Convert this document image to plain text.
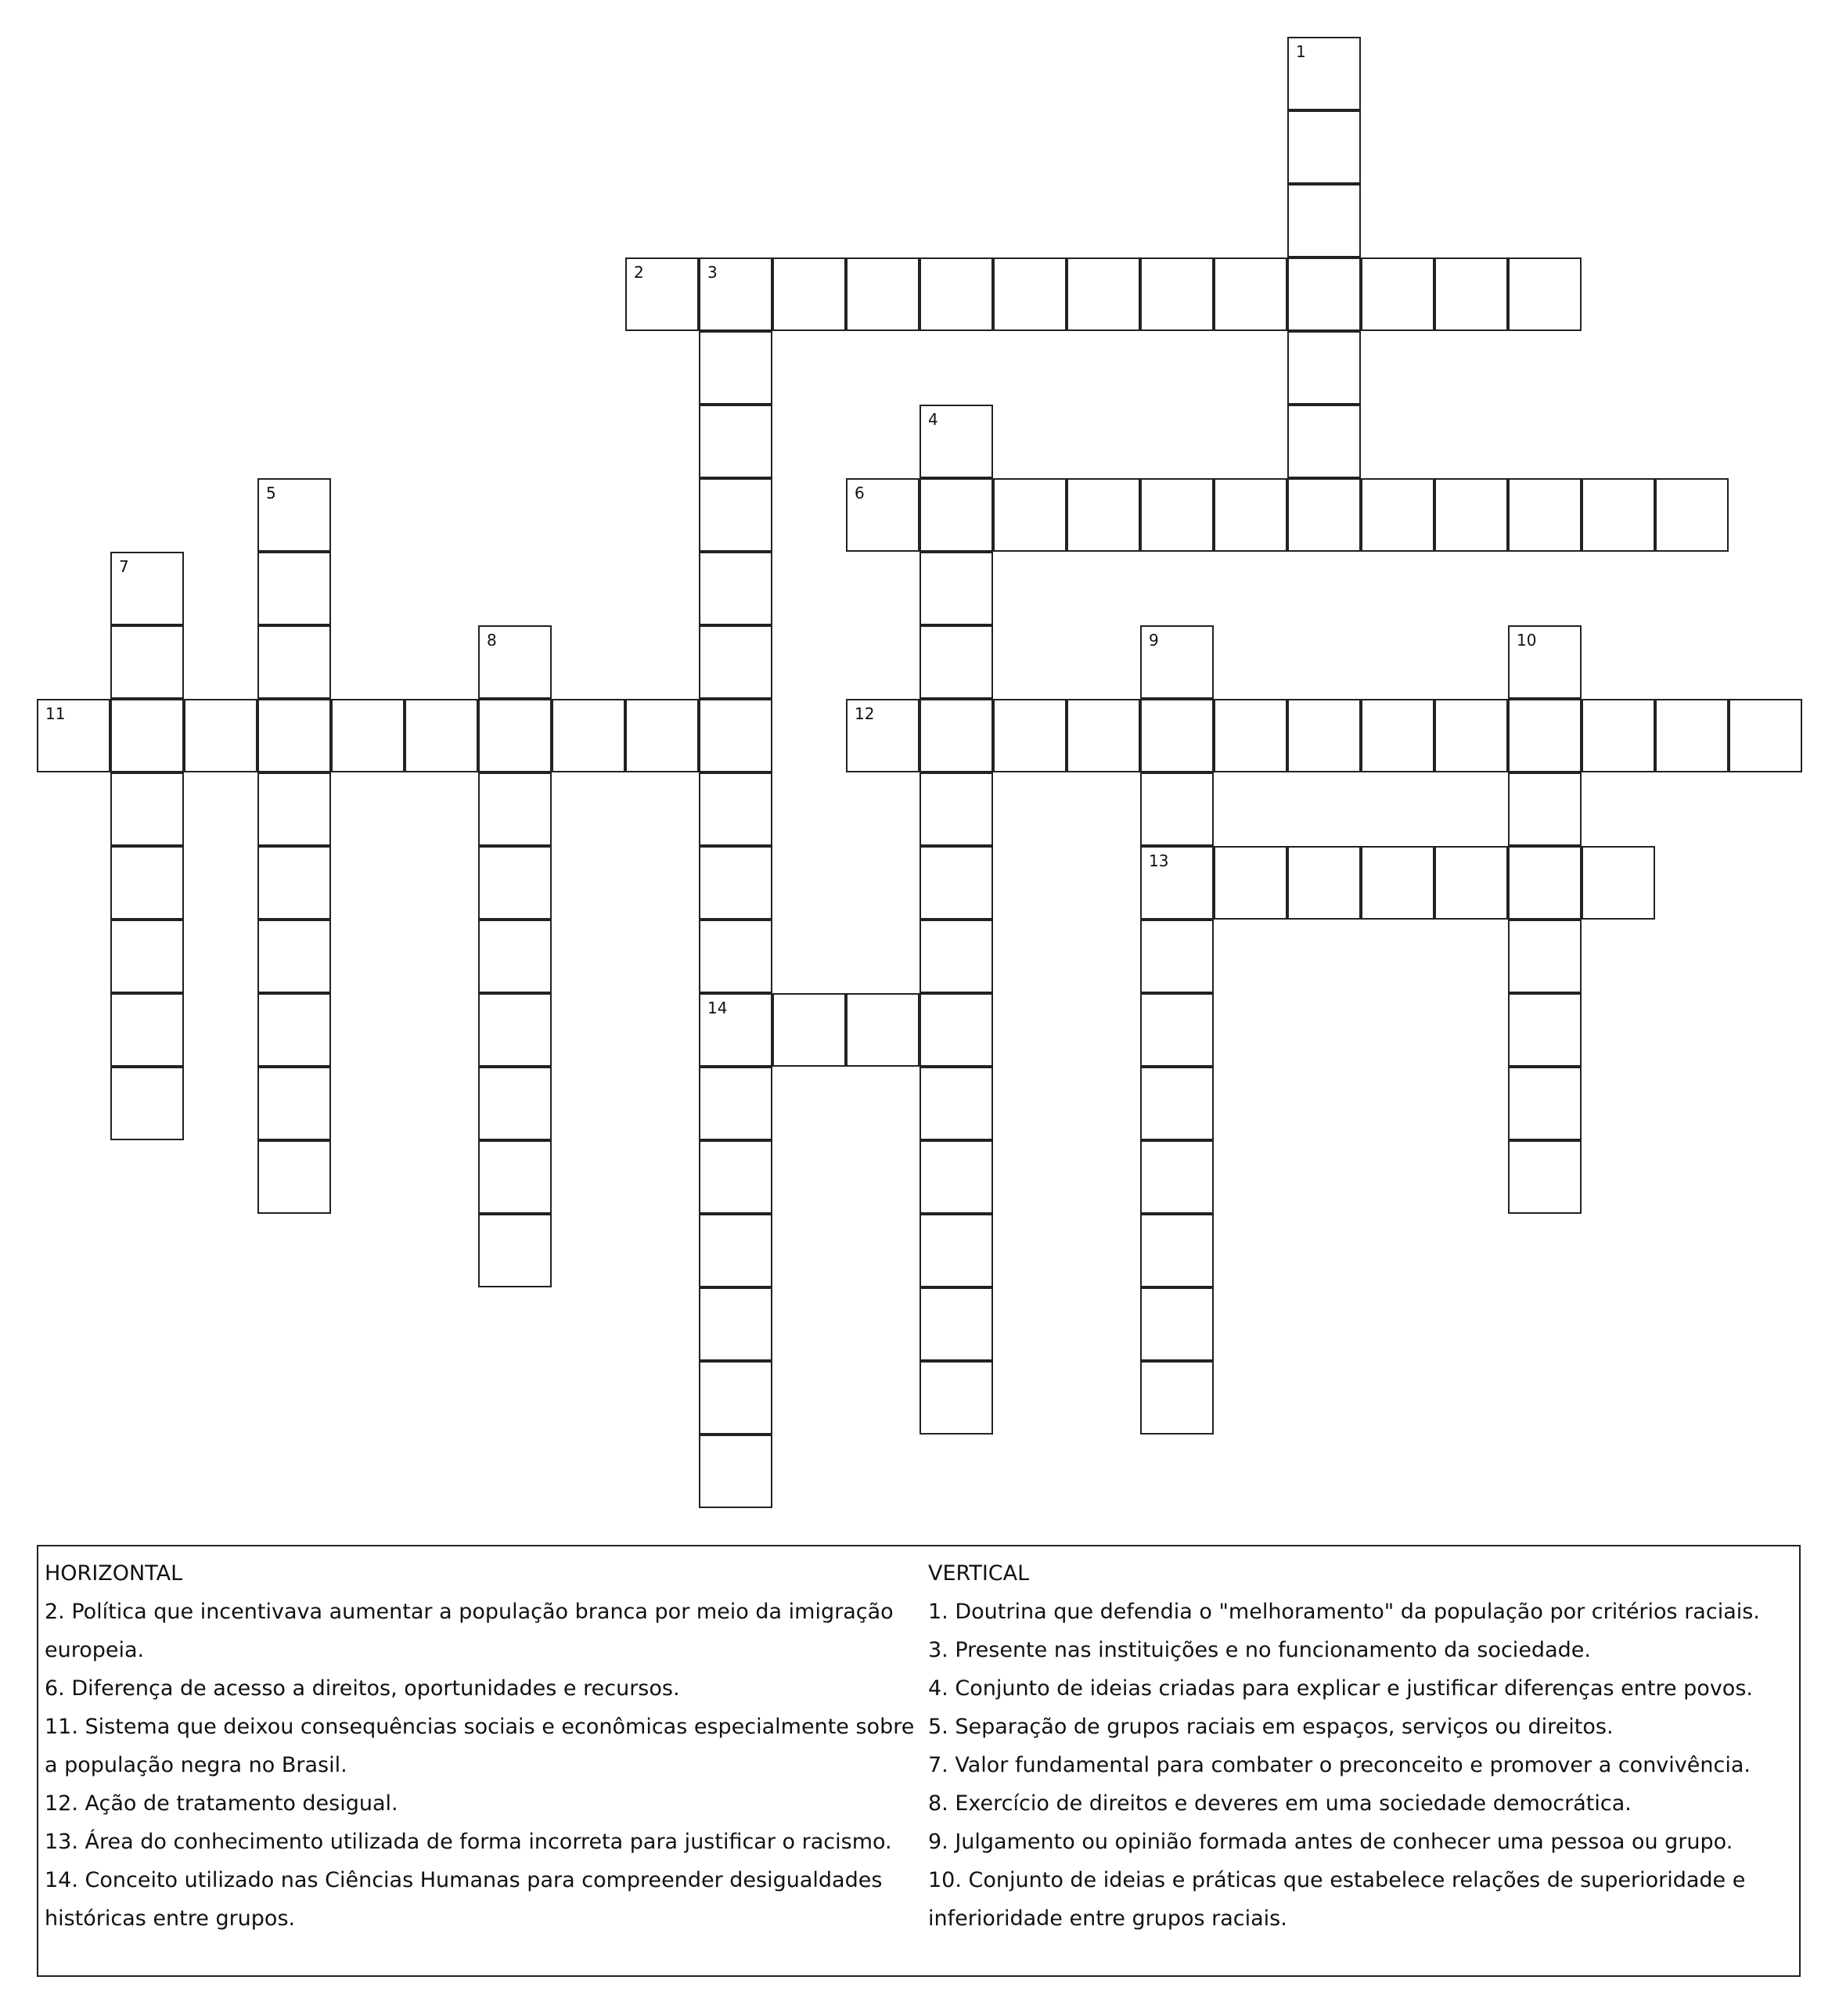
1
2	3
14
4
5	6
7
8	9
13
10
11	12
HORIZONTAL
2. Política que incentivava aumentar a população branca por meio da imigração europeia.
6. Diferença de acesso a direitos, oportunidades e recursos.
11. Sistema que deixou consequências sociais e econômicas especialmente sobre a população negra no Brasil.
12. Ação de tratamento desigual.
13. Área do conhecimento utilizada de forma incorreta para justificar o racismo.
14. Conceito utilizado nas Ciências Humanas para compreender desigualdades históricas entre grupos.
VERTICAL
1. Doutrina que defendia o "melhoramento" da população por critérios raciais.
3. Presente nas instituições e no funcionamento da sociedade.
4. Conjunto de ideias criadas para explicar e justificar diferenças entre povos.
5. Separação de grupos raciais em espaços, serviços ou direitos.
7. Valor fundamental para combater o preconceito e promover a convivência.
8. Exercício de direitos e deveres em uma sociedade democrática.
9. Julgamento ou opinião formada antes de conhecer uma pessoa ou grupo.
10. Conjunto de ideias e práticas que estabelece relações de superioridade e inferioridade entre grupos raciais.
